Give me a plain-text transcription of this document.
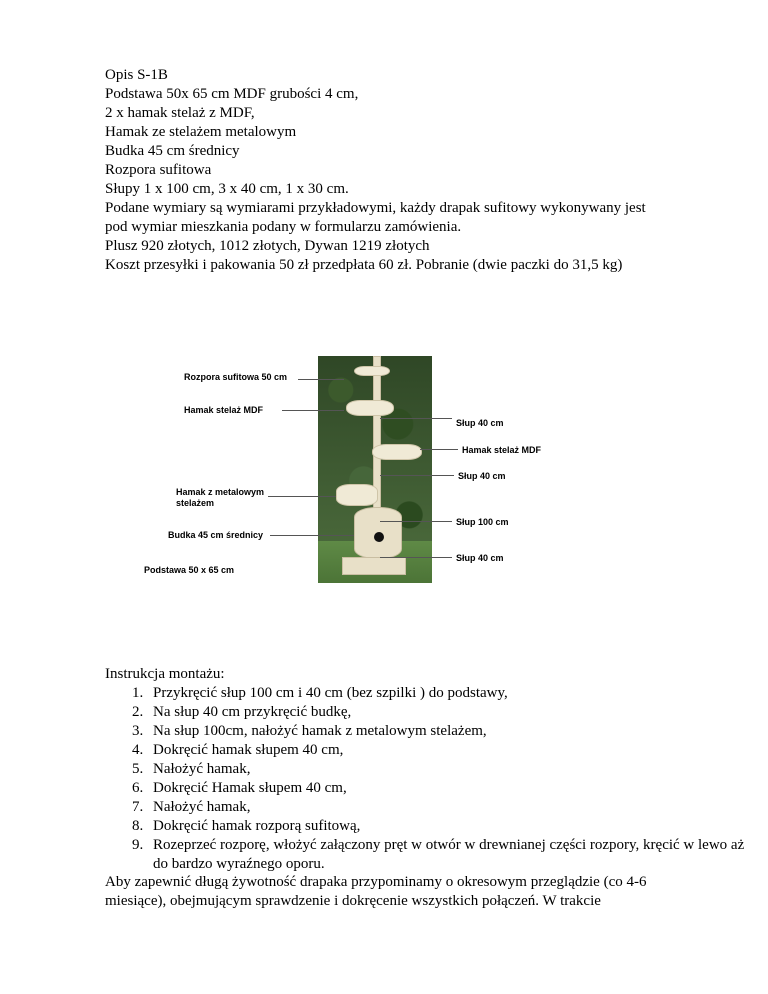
Opis S-1B
Podstawa 50x 65 cm MDF grubości 4 cm,
2 x hamak stelaż z MDF,
Hamak ze stelażem metalowym
Budka 45 cm średnicy
Rozpora sufitowa
Słupy 1 x 100 cm, 3 x 40 cm, 1 x 30 cm.
Podane wymiary są wymiarami przykładowymi, każdy drapak sufitowy wykonywany jest
pod wymiar mieszkania podany w formularzu zamówienia.
Plusz 920 złotych, 1012 złotych, Dywan 1219 złotych
Koszt przesyłki i pakowania 50 zł przedpłata 60 zł. Pobranie (dwie paczki do 31,5 kg)
Rozpora sufitowa 50 cm
Hamak stelaż MDF
Hamak z metalowym
stelażem
Budka 45 cm średnicy
Podstawa 50 x 65 cm
Słup 40 cm
Hamak stelaż MDF
Słup 40 cm
Słup 100 cm
Słup 40 cm
Instrukcja montażu:
1. Przykręcić słup 100 cm i 40 cm (bez szpilki ) do podstawy,
2. Na słup 40 cm przykręcić budkę,
3. Na słup 100cm, nałożyć hamak z metalowym stelażem,
4. Dokręcić hamak słupem 40 cm,
5. Nałożyć hamak,
6. Dokręcić Hamak słupem 40 cm,
7. Nałożyć hamak,
8. Dokręcić hamak rozporą sufitową,
9. Rozeprzeć rozporę, włożyć załączony pręt w otwór w drewnianej części rozpory, kręcić w lewo aż do bardzo wyraźnego oporu.
Aby zapewnić długą żywotność drapaka przypominamy o okresowym przeglądzie (co 4-6 miesiące), obejmującym sprawdzenie i dokręcenie wszystkich połączeń. W trakcie
